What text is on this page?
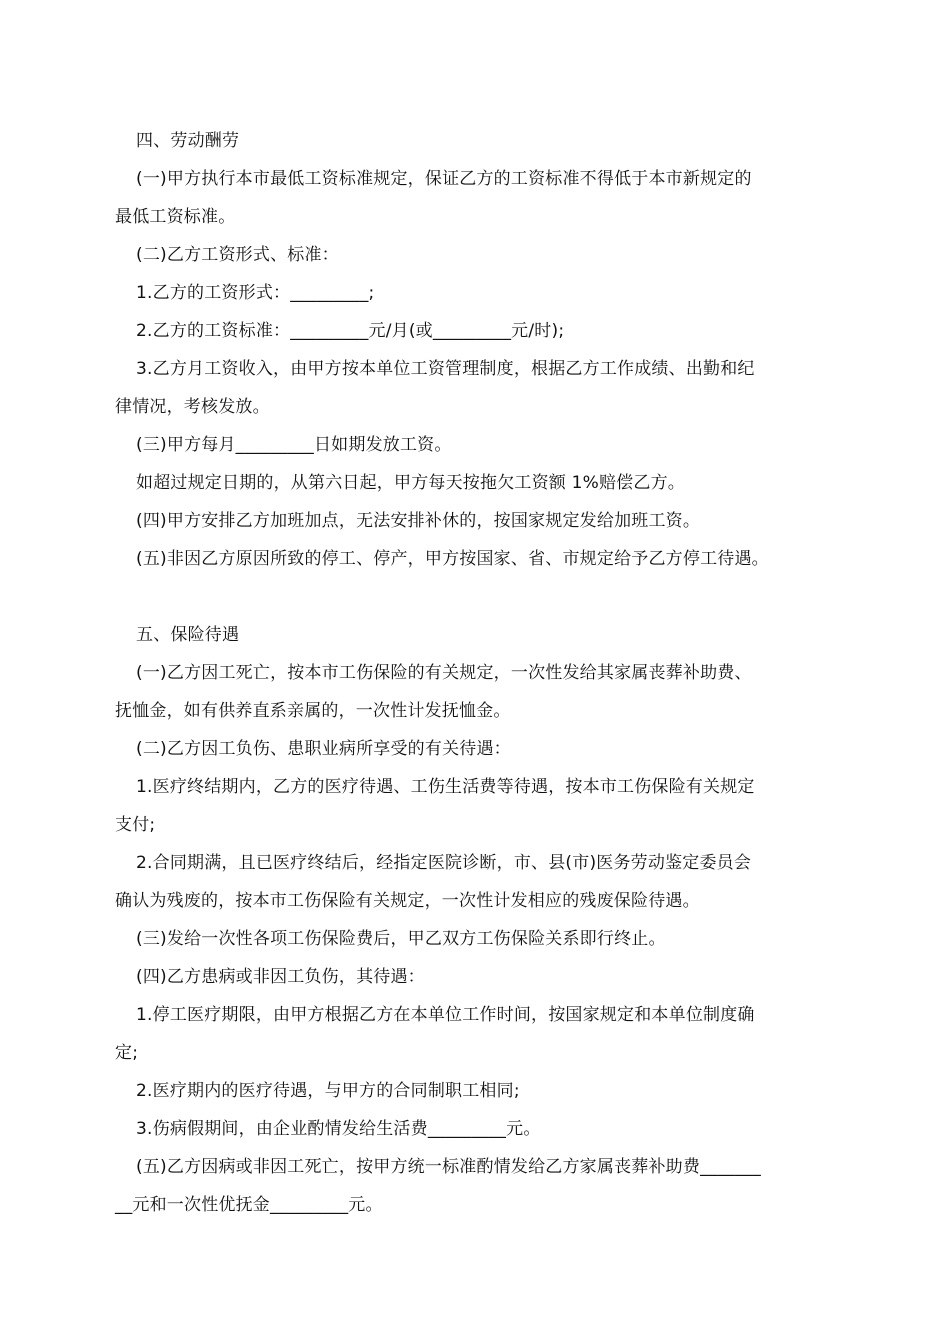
四、劳动酬劳

(一)甲方执行本市最低工资标准规定，保证乙方的工资标准不得低于本市新规定的

最低工资标准。

(二)乙方工资形式、标准：

1.乙方的工资形式：_________;

2.乙方的工资标准：_________元/月(或_________元/时);

3.乙方月工资收入，由甲方按本单位工资管理制度，根据乙方工作成绩、出勤和纪

律情况，考核发放。

(三)甲方每月_________日如期发放工资。

如超过规定日期的，从第六日起，甲方每天按拖欠工资额 1%赔偿乙方。

(四)甲方安排乙方加班加点，无法安排补休的，按国家规定发给加班工资。

(五)非因乙方原因所致的停工、停产，甲方按国家、省、市规定给予乙方停工待遇。

五、保险待遇

(一)乙方因工死亡，按本市工伤保险的有关规定，一次性发给其家属丧葬补助费、

抚恤金，如有供养直系亲属的，一次性计发抚恤金。

(二)乙方因工负伤、患职业病所享受的有关待遇：

1.医疗终结期内，乙方的医疗待遇、工伤生活费等待遇，按本市工伤保险有关规定

支付;

2.合同期满，且已医疗终结后，经指定医院诊断，市、县(市)医务劳动鉴定委员会

确认为残废的，按本市工伤保险有关规定，一次性计发相应的残废保险待遇。

(三)发给一次性各项工伤保险费后，甲乙双方工伤保险关系即行终止。

(四)乙方患病或非因工负伤，其待遇：

1.停工医疗期限，由甲方根据乙方在本单位工作时间，按国家规定和本单位制度确

定;

2.医疗期内的医疗待遇，与甲方的合同制职工相同;

3.伤病假期间，由企业酌情发给生活费_________元。

(五)乙方因病或非因工死亡，按甲方统一标准酌情发给乙方家属丧葬补助费_______

__元和一次性优抚金_________元。
